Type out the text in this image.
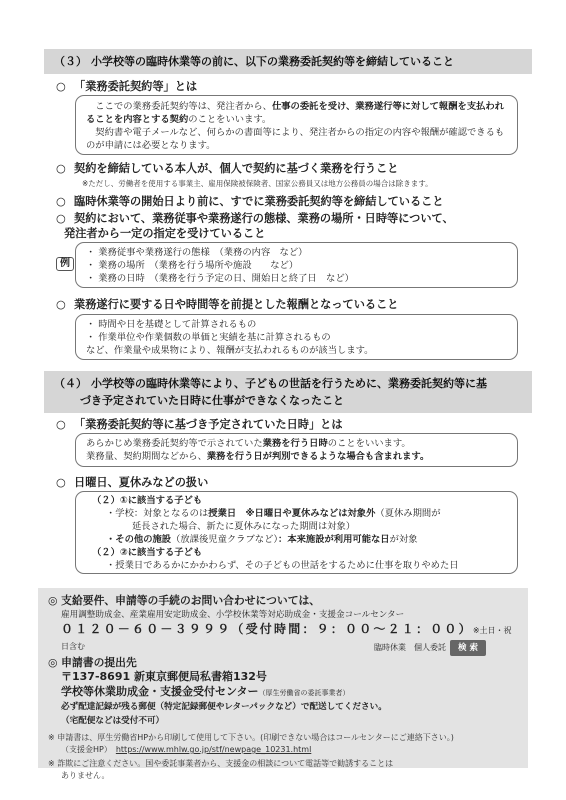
（３） 小学校等の臨時休業等の前に、以下の業務委託契約等を締結していること
○ 「業務委託契約等」とは

ここでの業務委託契約等は、発注者から、仕事の委託を受け、業務遂行等に対して報酬を支払われることを内容とする契約のことをいいます。

契約書や電子メールなど、何らかの書面等により、発注者からの指定の内容や報酬が確認できるものが申請には必要となります。

○ 契約を締結している本人が、個人で契約に基づく業務を行うこと
※ただし、労働者を使用する事業主、雇用保険被保険者、国家公務員又は地方公務員の場合は除きます。
○ 臨時休業等の開始日より前に、すでに業務委託契約等を締結していること
○ 契約において、業務従事や業務遂行の態様、業務の場所・日時等について、
発注者から一定の指定を受けていること
例
・ 業務従事や業務遂行の態様　（業務の内容　など）
・ 業務の場所　（業務を行う場所や施設　　など）
・ 業務の日時　（業務を行う予定の日、開始日と終了日　など）
○ 業務遂行に要する日や時間等を前提とした報酬となっていること
・ 時間や日を基礎として計算されるもの
・ 作業単位や作業個数の単価と実績を基に計算されるもの
など、作業量や成果物により、報酬が支払われるものが該当します。
（４） 小学校等の臨時休業等により、子どもの世話を行うために、業務委託契約等に基
づき予定されていた日時に仕事ができなくなったこと
○ 「業務委託契約等に基づき予定されていた日時」とは

あらかじめ業務委託契約等で示されていた業務を行う日時のことをいいます。

業務量、契約期間などから、業務を行う日が判別できるような場合も含まれます。

○ 日曜日、夏休みなどの扱い

（２）①に該当する子ども

・学校：対象となるのは授業日　 ※日曜日や夏休みなどは対象外（夏休み期間が

延長された場合、新たに夏休みになった期間は対象）

・その他の施設（放課後児童クラブなど）：本来施設が利用可能な日が対象

（２）②に該当する子ども

・授業日であるかにかかわらず、その子どもの世話をするために仕事を取りやめた日

◎ 支給要件、申請等の手続のお問い合わせについては、
雇用調整助成金、産業雇用安定助成金、小学校休業等対応助成金・支援金コールセンター
０１２０－６０－３９９９（受付時間：９：００〜２１：００）※土日・祝日含む
◎ 申請書の提出先
〒137-8691 新東京郵便局私書箱132号
学校等休業助成金・支援金受付センター（厚生労働省の委託事業者）
必ず配達記録が残る郵便（特定記録郵便やレターパックなど）で配送してください。
（宅配便などは受付不可）
※ 申請書は、厚生労働省HPから印刷して使用して下さい。(印刷できない場合はコールセンターにご連絡下さい。)
（支援金HP）　 https://www.mhlw.go.jp/stf/newpage_10231.html
※ 詐欺にご注意ください。国や委託事業者から、支援金の相談について電話等で勧誘することは
ありません。
臨時休業　個人委託	検 索
